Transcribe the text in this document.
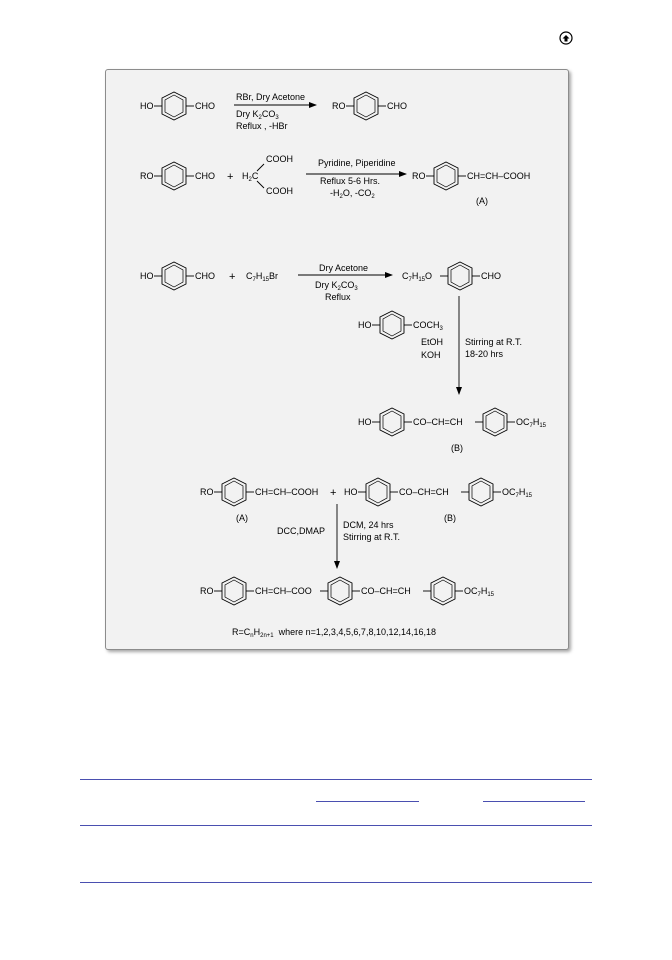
HO	CHO
RBr, Dry Acetone
Dry $K_2CO_3$
Reflux , -HBr
RO	CHO
RO	CHO +
COOH
$H_2C$
COOH
Pyridine, Piperidine
Reflux 5-6 Hrs.
$-H_2O$, $-CO_2$
RO	CH=CH–COOH
(A)
HO	CHO + $C_7H_{15}Br$
Dry Acetone
Dry $K_2CO_3$
Reflux
$C_7H_{15}O$	CHO
HO	$COCH_3$
EtOH
KOH
Stirring at R.T.
18-20 hrs
HO	CO–CH=CH	$OC_7H_{15}$
(B)
RO	CH=CH–COOH
(A)
+ HO	CO–CH=CH	$OC_7H_{15}$
(B)
DCC,DMAP
DCM, 24 hrs
Stirring at R.T.
RO	CH=CH–COO	CO–CH=CH	$OC_7H_{15}$
$R=C_nH_{2n+1}$  where n=1,2,3,4,5,6,7,8,10,12,14,16,18
